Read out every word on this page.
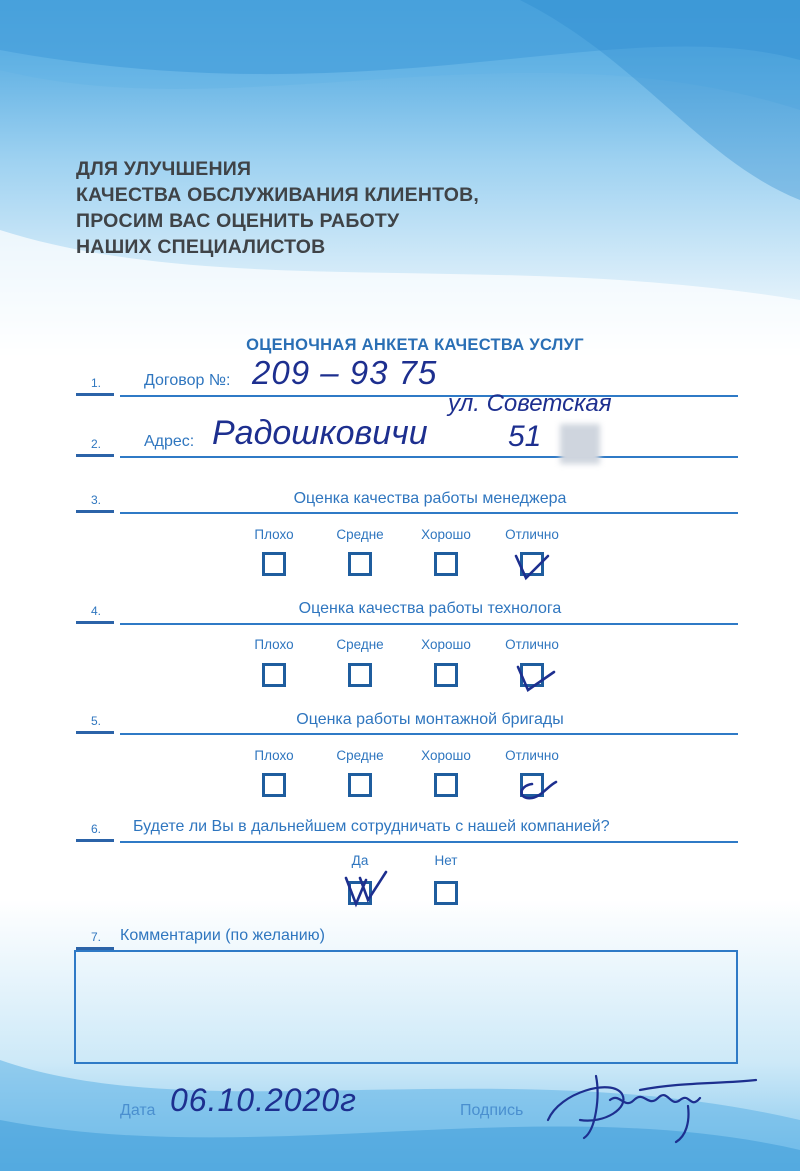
ДЛЯ УЛУЧШЕНИЯ
КАЧЕСТВА ОБСЛУЖИВАНИЯ КЛИЕНТОВ,
ПРОСИМ ВАС ОЦЕНИТЬ РАБОТУ
НАШИХ СПЕЦИАЛИСТОВ
ОЦЕНОЧНАЯ АНКЕТА КАЧЕСТВА УСЛУГ
1.	Договор №: 209 – 93 75
2.	Адрес:
ул. Советская
Радошковичи	51
3.	Оценка качества работы менеджера
Плохо	Средне	Хорошо	Отлично
4.	Оценка качества работы технолога
Плохо	Средне	Хорошо	Отлично
5.	Оценка работы монтажной бригады
Плохо	Средне	Хорошо	Отлично
6. Будете ли Вы в дальнейшем сотрудничать с нашей компанией?
Да	Нет
7. Комментарии (по желанию)
Дата 06.10.2020г	Подпись
